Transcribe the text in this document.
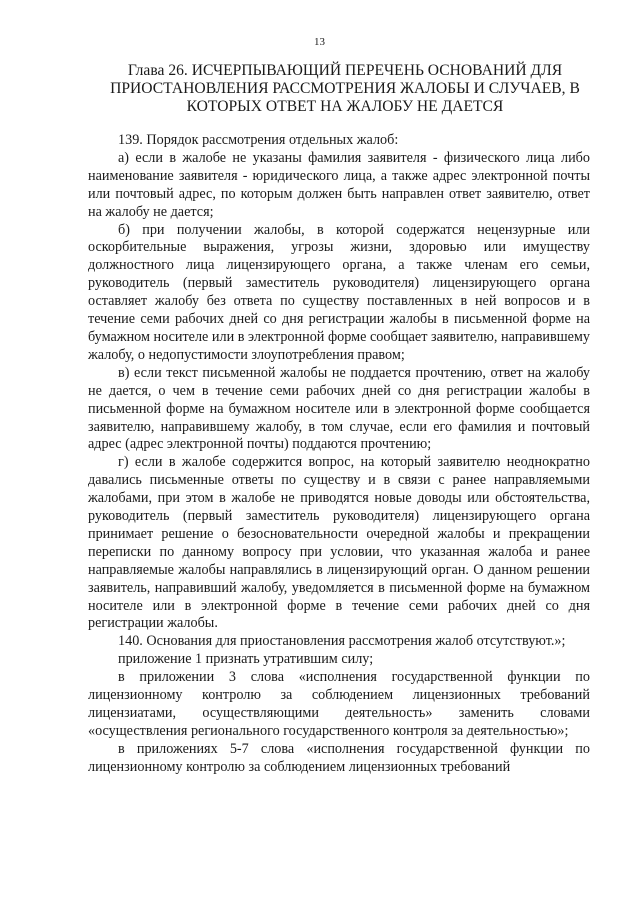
13
Глава 26. ИСЧЕРПЫВАЮЩИЙ ПЕРЕЧЕНЬ ОСНОВАНИЙ ДЛЯ
ПРИОСТАНОВЛЕНИЯ РАССМОТРЕНИЯ ЖАЛОБЫ И СЛУЧАЕВ, В
КОТОРЫХ ОТВЕТ НА ЖАЛОБУ НЕ ДАЕТСЯ

139. Порядок рассмотрения отдельных жалоб:

а) если в жалобе не указаны фамилия заявителя - физического лица либо наименование заявителя - юридического лица, а также адрес электронной почты или почтовый адрес, по которым должен быть направлен ответ заявителю, ответ на жалобу не дается;

б) при получении жалобы, в которой содержатся нецензурные или оскорбительные выражения, угрозы жизни, здоровью или имуществу должностного лица лицензирующего органа, а также членам его семьи, руководитель (первый заместитель руководителя) лицензирующего органа оставляет жалобу без ответа по существу поставленных в ней вопросов и в течение семи рабочих дней со дня регистрации жалобы в письменной форме на бумажном носителе или в электронной форме сообщает заявителю, направившему жалобу, о недопустимости злоупотребления правом;

в) если текст письменной жалобы не поддается прочтению, ответ на жалобу не дается, о чем в течение семи рабочих дней со дня регистрации жалобы в письменной форме на бумажном носителе или в электронной форме сообщается заявителю, направившему жалобу, в том случае, если его фамилия и почтовый адрес (адрес электронной почты) поддаются прочтению;

г) если в жалобе содержится вопрос, на который заявителю неоднократно давались письменные ответы по существу и в связи с ранее направляемыми жалобами, при этом в жалобе не приводятся новые доводы или обстоятельства, руководитель (первый заместитель руководителя) лицензирующего органа принимает решение о безосновательности очередной жалобы и прекращении переписки по данному вопросу при условии, что указанная жалоба и ранее направляемые жалобы направлялись в лицензирующий орган. О данном решении заявитель, направивший жалобу, уведомляется в письменной форме на бумажном носителе или в электронной форме в течение семи рабочих дней со дня регистрации жалобы.

140. Основания для приостановления рассмотрения жалоб отсутствуют.»;

приложение 1 признать утратившим силу;

в приложении 3 слова «исполнения государственной функции по лицензионному контролю за соблюдением лицензионных требований лицензиатами, осуществляющими деятельность» заменить словами «осуществления регионального государственного контроля за деятельностью»;

в приложениях 5-7 слова «исполнения государственной функции по лицензионному контролю за соблюдением лицензионных требований
